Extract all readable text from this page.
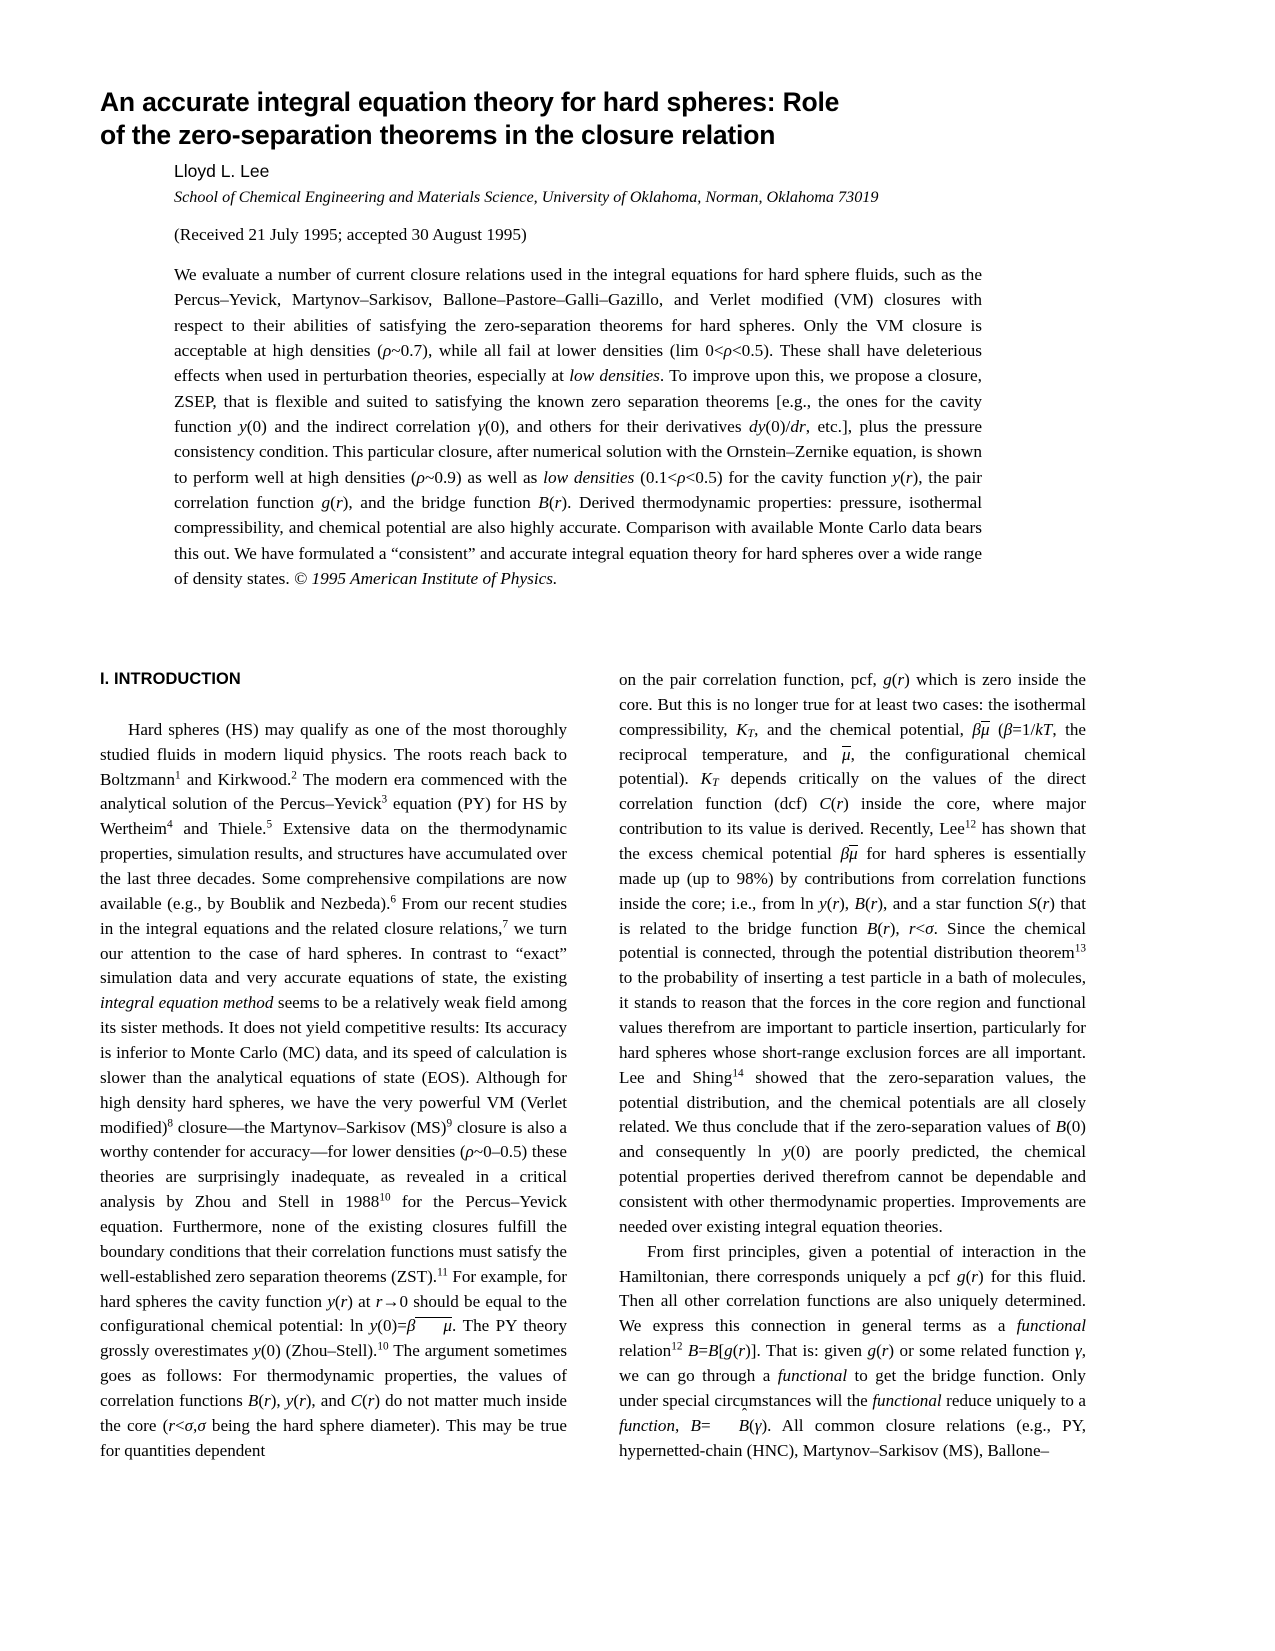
An accurate integral equation theory for hard spheres: Role
of the zero-separation theorems in the closure relation

Lloyd L. Lee

School of Chemical Engineering and Materials Science, University of Oklahoma, Norman, Oklahoma 73019

(Received 21 July 1995; accepted 30 August 1995)

We evaluate a number of current closure relations used in the integral equations for hard sphere fluids, such as the Percus–Yevick, Martynov–Sarkisov, Ballone–Pastore–Galli–Gazillo, and Verlet modified (VM) closures with respect to their abilities of satisfying the zero-separation theorems for hard spheres. Only the VM closure is acceptable at high densities (ρ~0.7), while all fail at lower densities (lim 0<ρ<0.5). These shall have deleterious effects when used in perturbation theories, especially at low densities. To improve upon this, we propose a closure, ZSEP, that is flexible and suited to satisfying the known zero separation theorems [e.g., the ones for the cavity function y(0) and the indirect correlation γ(0), and others for their derivatives dy(0)/dr, etc.], plus the pressure consistency condition. This particular closure, after numerical solution with the Ornstein–Zernike equation, is shown to perform well at high densities (ρ~0.9) as well as low densities (0.1<ρ<0.5) for the cavity function y(r), the pair correlation function g(r), and the bridge function B(r). Derived thermodynamic properties: pressure, isothermal compressibility, and chemical potential are also highly accurate. Comparison with available Monte Carlo data bears this out. We have formulated a “consistent” and accurate integral equation theory for hard spheres over a wide range of density states. © 1995 American Institute of Physics.

I. INTRODUCTION

Hard spheres (HS) may qualify as one of the most thoroughly studied fluids in modern liquid physics. The roots reach back to Boltzmann$^1$ and Kirkwood.$^2$ The modern era commenced with the analytical solution of the Percus–Yevick$^3$ equation (PY) for HS by Wertheim$^4$ and Thiele.$^5$ Extensive data on the thermodynamic properties, simulation results, and structures have accumulated over the last three decades. Some comprehensive compilations are now available (e.g., by Boublik and Nezbeda).$^6$ From our recent studies in the integral equations and the related closure relations,$^7$ we turn our attention to the case of hard spheres. In contrast to “exact” simulation data and very accurate equations of state, the existing integral equation method seems to be a relatively weak field among its sister methods. It does not yield competitive results: Its accuracy is inferior to Monte Carlo (MC) data, and its speed of calculation is slower than the analytical equations of state (EOS). Although for high density hard spheres, we have the very powerful VM (Verlet modified)$^8$ closure—the Martynov–Sarkisov (MS)$^9$ closure is also a worthy contender for accuracy—for lower densities (ρ~0–0.5) these theories are surprisingly inadequate, as revealed in a critical analysis by Zhou and Stell in 1988$^{10}$ for the Percus–Yevick equation. Furthermore, none of the existing closures fulfill the boundary conditions that their correlation functions must satisfy the well-established zero separation theorems (ZST).$^{11}$ For example, for hard spheres the cavity function y(r) at r→0 should be equal to the configurational chemical potential: ln y(0)=β μ. The PY theory grossly overestimates y(0) (Zhou–Stell).$^{10}$ The argument sometimes goes as follows: For thermodynamic properties, the values of correlation functions B(r), y(r), and C(r) do not matter much inside the core (r<σ,σ being the hard sphere diameter). This may be true for quantities dependent

on the pair correlation function, pcf, g(r) which is zero inside the core. But this is no longer true for at least two cases: the isothermal compressibility, $K_T$, and the chemical potential, βμ (β=1/kT, the reciprocal temperature, and μ, the configurational chemical potential). $K_T$ depends critically on the values of the direct correlation function (dcf) C(r) inside the core, where major contribution to its value is derived. Recently, Lee$^{12}$ has shown that the excess chemical potential βμ for hard spheres is essentially made up (up to 98%) by contributions from correlation functions inside the core; i.e., from ln y(r), B(r), and a star function S(r) that is related to the bridge function B(r), r<σ. Since the chemical potential is connected, through the potential distribution theorem$^{13}$ to the probability of inserting a test particle in a bath of molecules, it stands to reason that the forces in the core region and functional values therefrom are important to particle insertion, particularly for hard spheres whose short-range exclusion forces are all important. Lee and Shing$^{14}$ showed that the zero-separation values, the potential distribution, and the chemical potentials are all closely related. We thus conclude that if the zero-separation values of B(0) and consequently ln y(0) are poorly predicted, the chemical potential properties derived therefrom cannot be dependable and consistent with other thermodynamic properties. Improvements are needed over existing integral equation theories.

From first principles, given a potential of interaction in the Hamiltonian, there corresponds uniquely a pcf g(r) for this fluid. Then all other correlation functions are also uniquely determined. We express this connection in general terms as a functional relation$^{12}$ B=B[g(r)]. That is: given g(r) or some related function γ, we can go through a functional to get the bridge function. Only under special circumstances will the functional reduce uniquely to a function, B= B ˆ(γ). All common closure relations (e.g., PY, hypernetted-chain (HNC), Martynov–Sarkisov (MS), Ballone–
